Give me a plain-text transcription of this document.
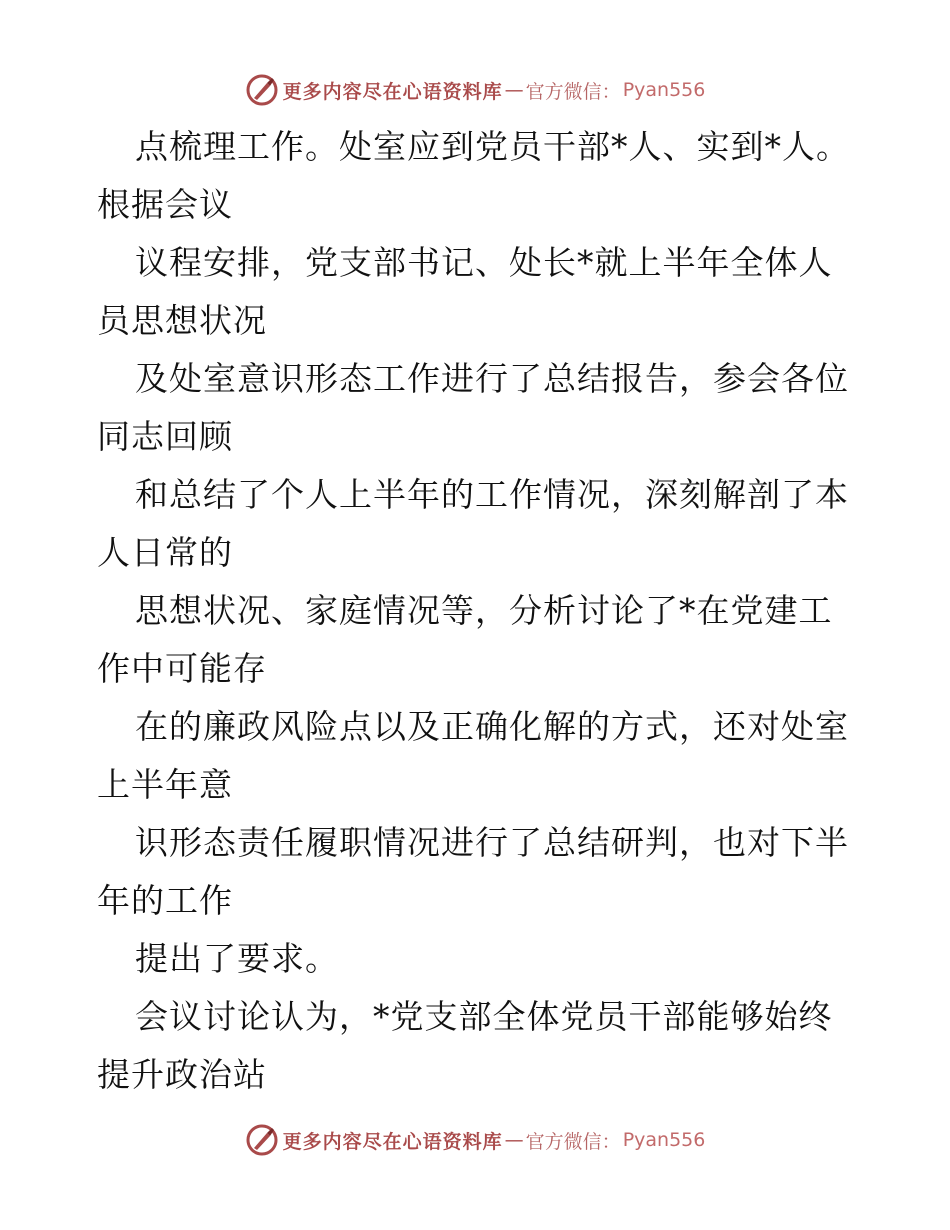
更多内容尽在心语资料库 — 官方微信： Pyan556
点梳理工作。处室应到党员干部*人、实到*人。
根据会议
议程安排，党支部书记、处长*就上半年全体人
员思想状况
及处室意识形态工作进行了总结报告，参会各位
同志回顾
和总结了个人上半年的工作情况，深刻解剖了本
人日常的
思想状况、家庭情况等，分析讨论了*在党建工
作中可能存
在的廉政风险点以及正确化解的方式，还对处室
上半年意
识形态责任履职情况进行了总结研判，也对下半
年的工作
提出了要求。
会议讨论认为，*党支部全体党员干部能够始终
提升政治站
更多内容尽在心语资料库 — 官方微信： Pyan556
